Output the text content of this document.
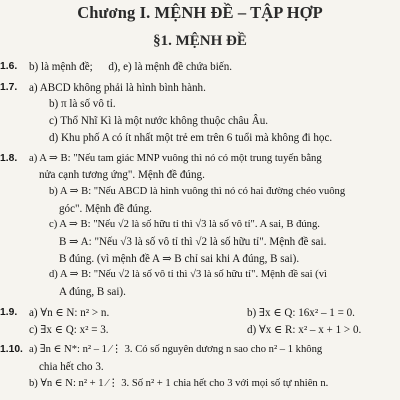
Chương I. MỆNH ĐỀ – TẬP HỢP
§1. MỆNH ĐỀ
1.6. b) là mệnh đề; d), e) là mệnh đề chứa biến.
1.7. a) ABCD không phải là hình bình hành.
b) π là số vô tỉ.
c) Thổ Nhĩ Kì là một nước không thuộc châu Âu.
d) Khu phố A có ít nhất một trẻ em trên 6 tuổi mà không đi học.
1.8. a) A ⇒ B: "Nếu tam giác MNP vuông thì nó có một trung tuyến bằng
nửa cạnh tương ứng". Mệnh đề đúng.
b) A ⇒ B: "Nếu ABCD là hình vuông thì nó có hai đường chéo vuông
góc". Mệnh đề đúng.
c) A ⇒ B: "Nếu √2 là số hữu tỉ thì √3 là số vô tỉ". A sai, B đúng.
B ⇒ A: "Nếu √3 là số vô tỉ thì √2 là số hữu tỉ". Mệnh đề sai.
B đúng. (vì mệnh đề A ⇒ B chỉ sai khi A đúng, B sai).
d) A ⇒ B: "Nếu √2 là số vô tỉ thì √3 là số hữu tỉ". Mệnh đề sai (vì
A đúng, B sai).
1.9. a) ∀n ∈ N: n² > n.	b) ∃x ∈ Q: 16x² – 1 = 0.
c) ∃x ∈ Q: x² = 3.	d) ∀x ∈ R: x² – x + 1 > 0.
1.10. a) ∃n ∈ N*: n² – 1 ⁄⋮ 3. Có số nguyên dương n sao cho n² – 1 không
chia hết cho 3.
b) ∀n ∈ N: n² + 1 ⁄⋮ 3. Số n² + 1 chia hết cho 3 với mọi số tự nhiên n.
